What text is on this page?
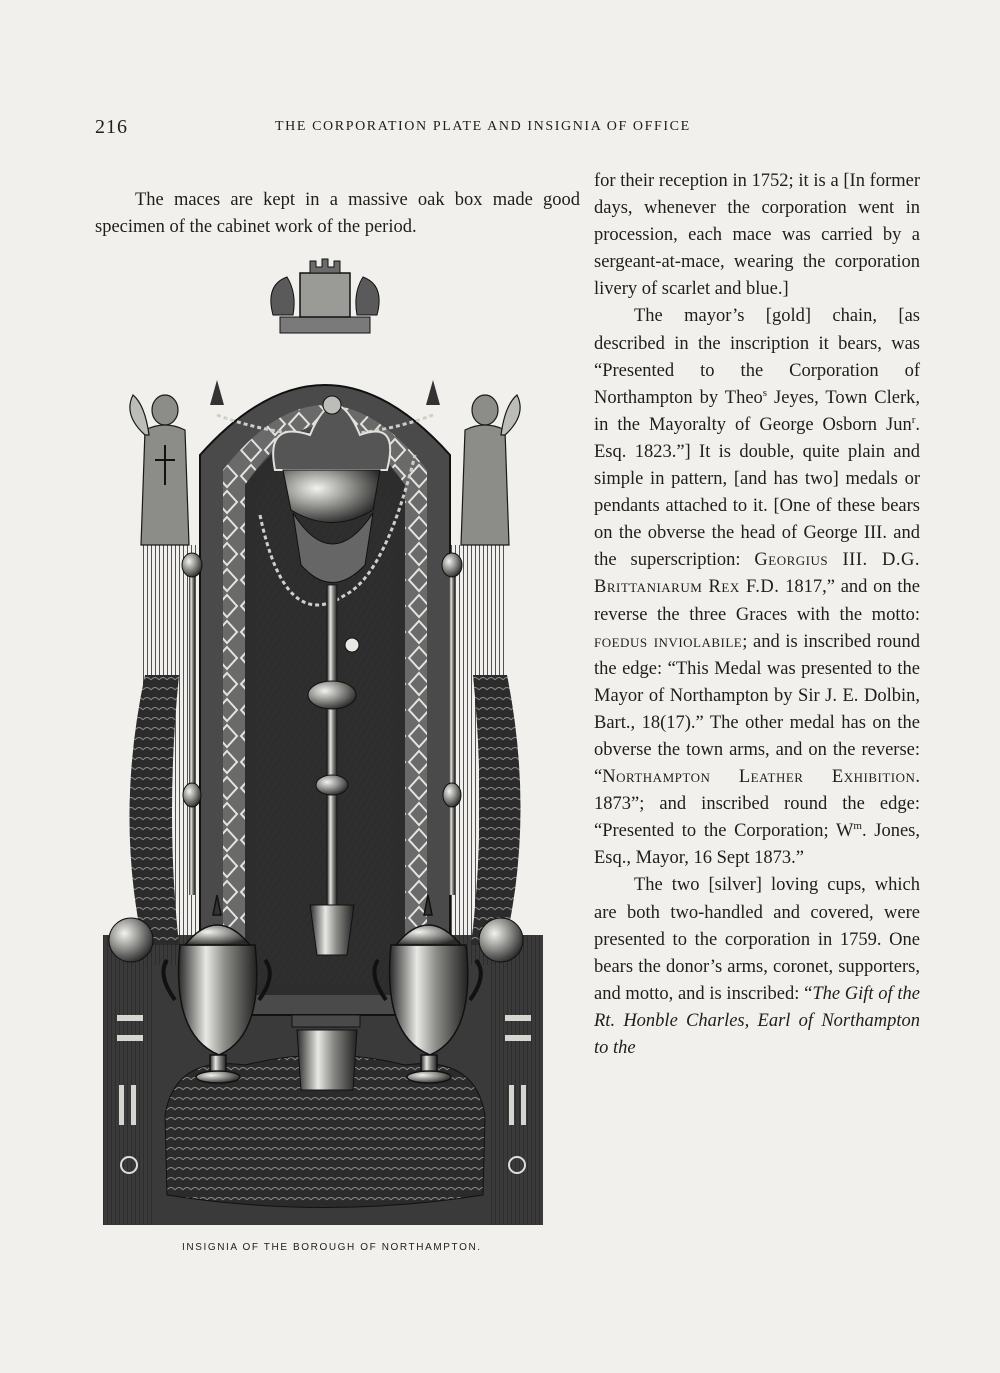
216	THE CORPORATION PLATE AND INSIGNIA OF OFFICE

The maces are kept in a massive oak box made good specimen of the cabinet work of the period.

INSIGNIA OF THE BOROUGH OF NORTHAMPTON.

for their reception in 1752; it is a [In former days, whenever the corporation went in procession, each mace was carried by a sergeant-at-mace, wearing the corporation livery of scarlet and blue.]

The mayor’s [gold] chain, [as described in the inscription it bears, was “Presented to the Corporation of Northampton by Theo$^s$ Jeyes, Town Clerk, in the Mayoralty of George Osborn Jun$^r$. Esq. 1823.”] It is double, quite plain and simple in pattern, [and has two] medals or pendants attached to it. [One of these bears on the obverse the head of George III. and the superscription: Georgius III. D.G. Brittaniarum Rex F.D. 1817,” and on the reverse the three Graces with the motto: foedus inviolabile; and is inscribed round the edge: “This Medal was presented to the Mayor of Northampton by Sir J. E. Dolbin, Bart., 18(17).” The other medal has on the obverse the town arms, and on the reverse: “Northampton Leather Exhibition. 1873”; and inscribed round the edge: “Presented to the Corporation; $W^m$. Jones, Esq., Mayor, 16 Sept 1873.”

The two [silver] loving cups, which are both two-handled and covered, were presented to the corporation in 1759. One bears the donor’s arms, coronet, supporters, and motto, and is inscribed: “The Gift of the Rt. Honble Charles, Earl of Northampton to the
